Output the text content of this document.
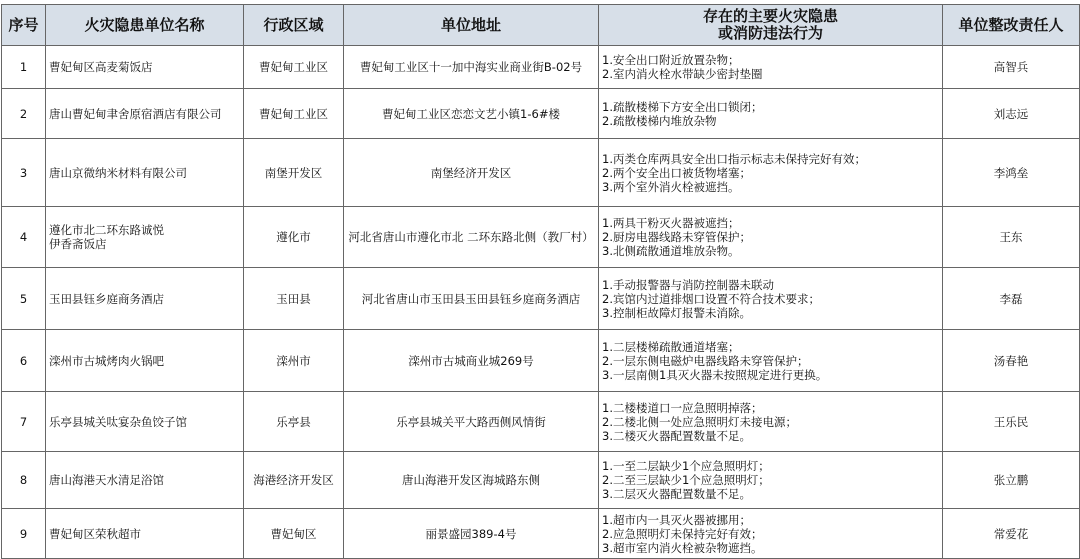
序号	火灾隐患单位名称	行政区域	单位地址	存在的主要火灾隐患
或消防违法行为	单位整改责任人
1	曹妃甸区高麦菊饭店	曹妃甸工业区	曹妃甸工业区十一加中海实业商业街B-02号	1.安全出口附近放置杂物；
2.室内消火栓水带缺少密封垫圈	高智兵
2	唐山曹妃甸聿舍原宿酒店有限公司	曹妃甸工业区	曹妃甸工业区恋恋文艺小镇1-6#楼	1.疏散楼梯下方安全出口锁闭；
2.疏散楼梯内堆放杂物	刘志远
3	唐山京微纳米材料有限公司	南堡开发区	南堡经济开发区	1.丙类仓库两具安全出口指示标志未保持完好有效；
2.两个安全出口被货物堵塞；
3.两个室外消火栓被遮挡。	李鸿垒
4	遵化市北二环东路诚悦
伊香斋饭店	遵化市	河北省唐山市遵化市北 二环东路北侧（教厂村）	1.两具干粉灭火器被遮挡；
2.厨房电器线路未穿管保护；
3.北侧疏散通道堆放杂物。	王东
5	玉田县钰乡庭商务酒店	玉田县	河北省唐山市玉田县玉田县钰乡庭商务酒店	1.手动报警器与消防控制器未联动
2.宾馆内过道排烟口设置不符合技术要求；
3.控制柜故障灯报警未消除。	李磊
6	滦州市古城烤肉火锅吧	滦州市	滦州市古城商业城269号	1.二层楼梯疏散通道堵塞；
2.一层东侧电磁炉电器线路未穿管保护；
3.一层南侧1具灭火器未按照规定进行更换。	汤春艳
7	乐亭县城关呔宴杂鱼饺子馆	乐亭县	乐亭县城关平大路西侧风情街	1.二楼楼道口一应急照明掉落；
2.二楼北侧一处应急照明灯未接电源；
3.二楼灭火器配置数量不足。	王乐民
8	唐山海港天水清足浴馆	海港经济开发区	唐山海港开发区海城路东侧	1.一至二层缺少1个应急照明灯；
2.二至三层缺少1个应急照明灯；
3.二层灭火器配置数量不足。	张立鹏
9	曹妃甸区荣秋超市	曹妃甸区	丽景盛园389-4号	1.超市内一具灭火器被挪用；
2.应急照明灯未保持完好有效；
3.超市室内消火栓被杂物遮挡。	常爱花
